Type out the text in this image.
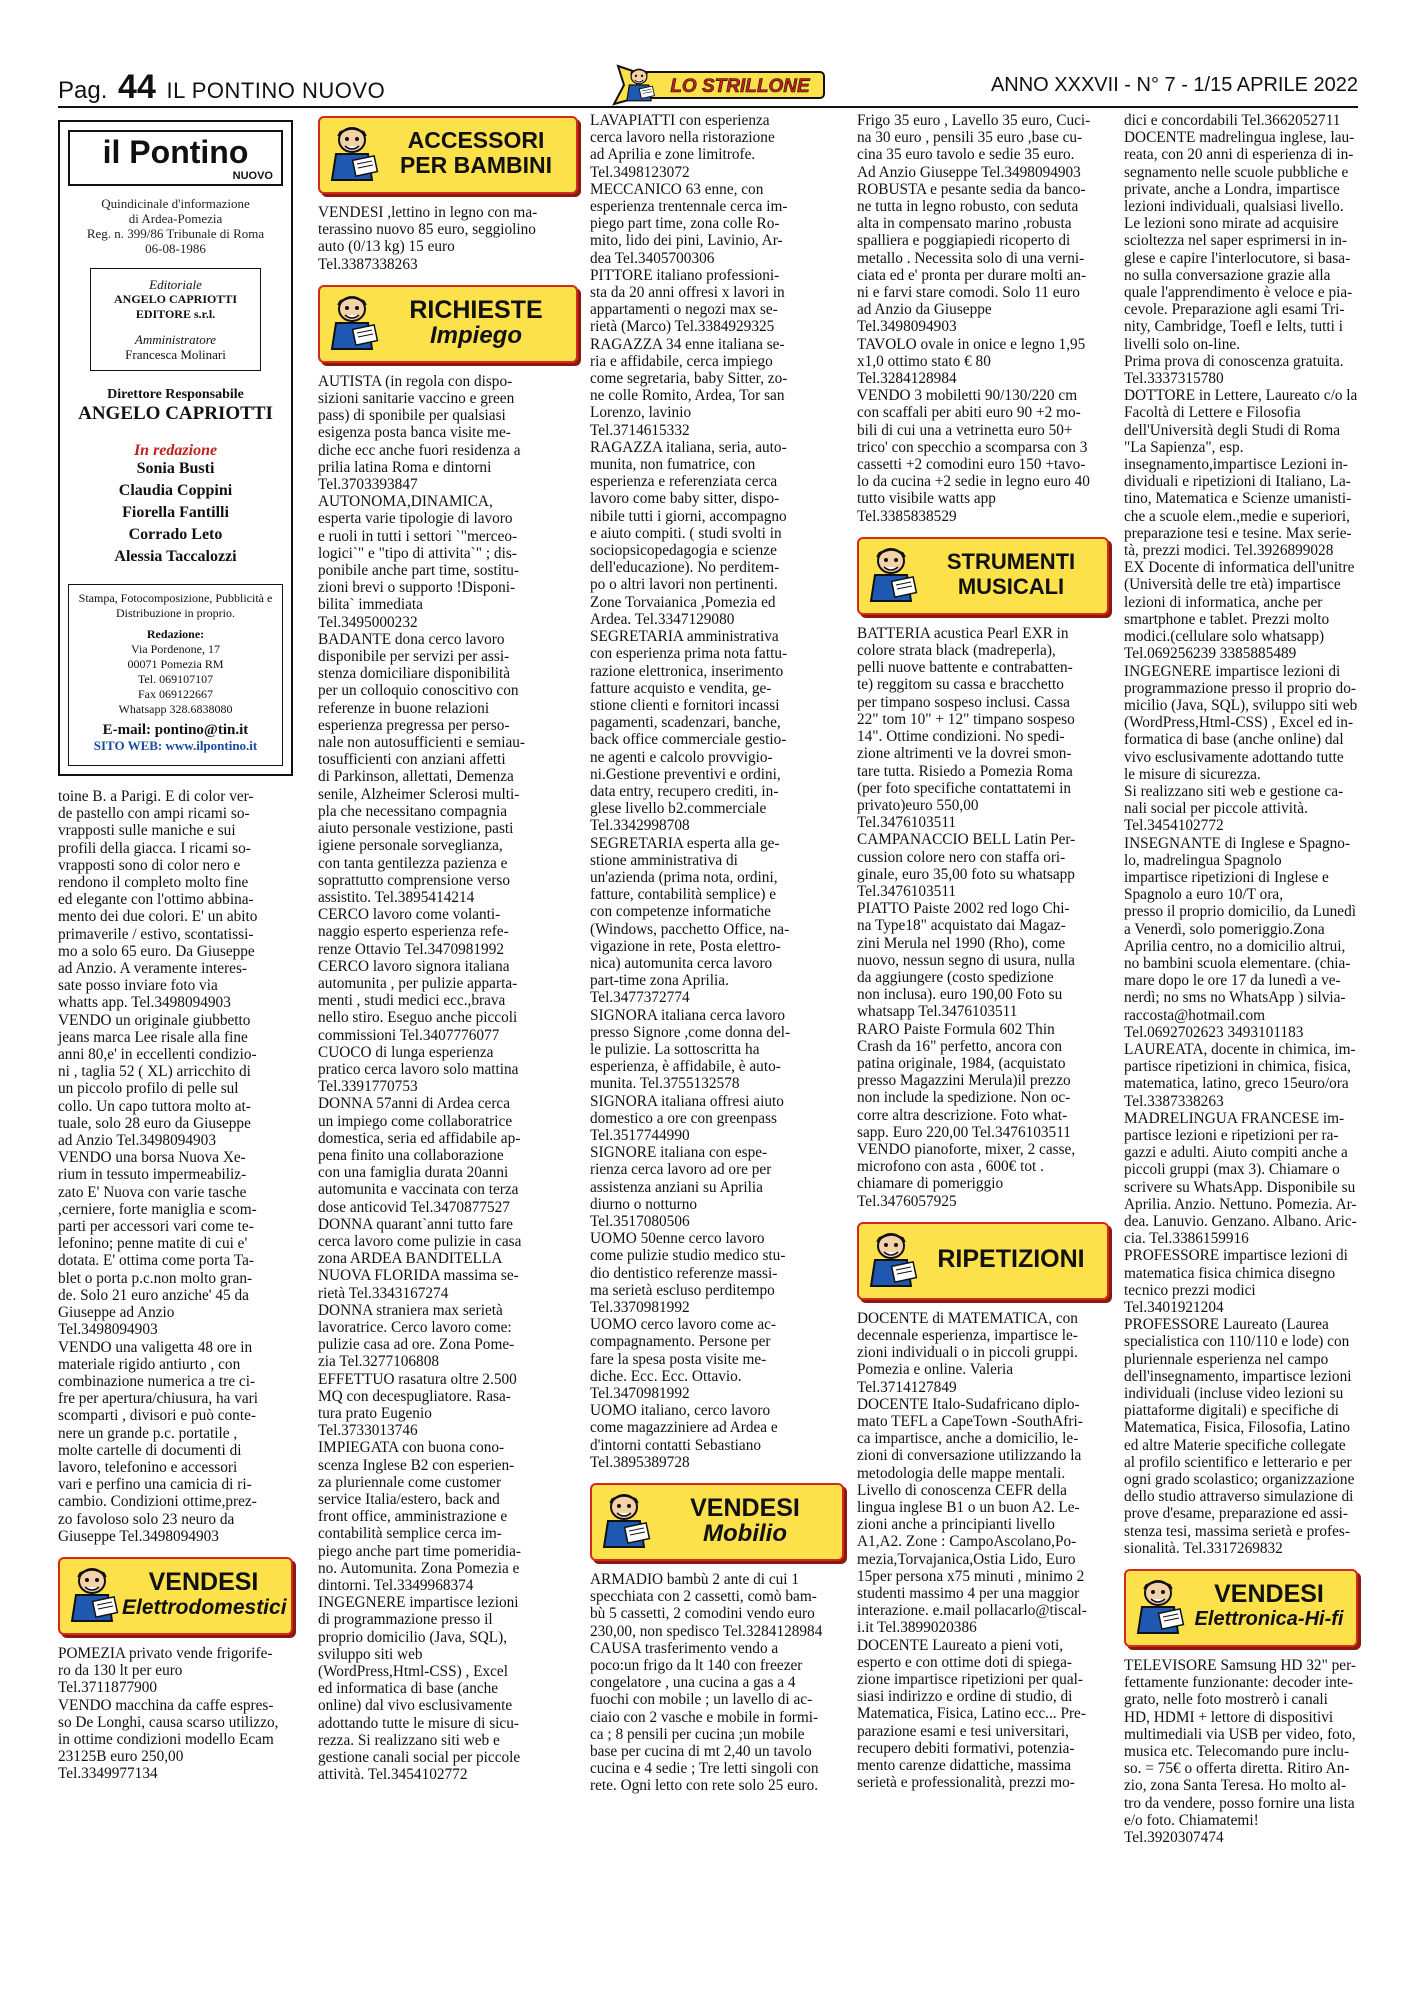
Pag. 44 IL PONTINO NUOVO	LO STRILLONE	ANNO XXXVII - N° 7 - 1/15 APRILE 2022
il Pontino
NUOVO
Quindicinale d'informazione
di Ardea-Pomezia
Reg. n. 399/86 Tribunale di Roma
06-08-1986
Editoriale
ANGELO CAPRIOTTI EDITORE s.r.l.
Amministratore
Francesca Molinari
Direttore Responsabile
ANGELO CAPRIOTTI
In redazione
Sonia Busti
Claudia Coppini
Fiorella Fantilli
Corrado Leto
Alessia Taccalozzi
Stampa, Fotocomposizione, Pubblicità e Distribuzione in proprio.
Redazione:
Via Pordenone, 17
00071 Pomezia RM
Tel. 069107107
Fax 069122667
Whatsapp 328.6838080
E-mail: pontino@tin.it
SITO WEB: www.ilpontino.it

toine B. a Parigi. E di color ver-
de pastello con ampi ricami so-
vrapposti sulle maniche e sui
profili della giacca. I ricami so-
vrapposti sono di color nero e
rendono il completo molto fine
ed elegante con l'ottimo abbina-
mento dei due colori. E' un abito
primaverile / estivo, scontatissi-
mo a solo 65 euro. Da Giuseppe
ad Anzio. A veramente interes-
sate posso inviare foto via
whatts app. Tel.3498094903
VENDO un originale giubbetto
jeans marca Lee risale alla fine
anni 80,e' in eccellenti condizio-
ni , taglia 52 ( XL) arricchito di
un piccolo profilo di pelle sul
collo. Un capo tuttora molto at-
tuale, solo 28 euro da Giuseppe
ad Anzio Tel.3498094903
VENDO una borsa Nuova Xe-
rium in tessuto impermeabiliz-
zato E' Nuova con varie tasche
,cerniere, forte maniglia e scom-
parti per accessori vari come te-
lefonino; penne matite di cui e'
dotata. E' ottima come porta Ta-
blet o porta p.c.non molto gran-
de. Solo 21 euro anziche' 45 da
Giuseppe ad Anzio
Tel.3498094903
VENDO una valigetta 48 ore in
materiale rigido antiurto , con
combinazione numerica a tre ci-
fre per apertura/chiusura, ha vari
scomparti , divisori e può conte-
nere un grande p.c. portatile ,
molte cartelle di documenti di
lavoro, telefonino e accessori
vari e perfino una camicia di ri-
cambio. Condizioni ottime,prez-
zo favoloso solo 23 neuro da
Giuseppe Tel.3498094903

VENDESI
Elettrodomestici

POMEZIA privato vende frigorife-
ro da 130 lt per euro
Tel.3711877900
VENDO macchina da caffe espres-
so De Longhi, causa scarso utilizzo,
in ottime condizioni modello Ecam
23125B euro 250,00
Tel.3349977134

ACCESSORI
PER BAMBINI

VENDESI ,lettino in legno con ma-
terassino nuovo 85 euro, seggiolino
auto (0/13 kg) 15 euro
Tel.3387338263

RICHIESTE
Impiego

AUTISTA (in regola con dispo-
sizioni sanitarie vaccino e green
pass) di sponibile per qualsiasi
esigenza posta banca visite me-
diche ecc anche fuori residenza a
prilia latina Roma e dintorni
Tel.3703393847
AUTONOMA,DINAMICA,
esperta varie tipologie di lavoro
e ruoli in tutti i settori `"merceo-
logici`" e "tipo di attivita`" ; dis-
ponibile anche part time, sostitu-
zioni brevi o supporto !Disponi-
bilita` immediata
Tel.3495000232
BADANTE dona cerco lavoro
disponibile per servizi per assi-
stenza domiciliare disponibilità
per un colloquio conoscitivo con
referenze in buone relazioni
esperienza pregressa per perso-
nale non autosufficienti e semiau-
tosufficienti con anziani affetti
di Parkinson, allettati, Demenza
senile, Alzheimer Sclerosi multi-
pla che necessitano compagnia
aiuto personale vestizione, pasti
igiene personale sorveglianza,
con tanta gentilezza pazienza e
soprattutto comprensione verso
assistito. Tel.3895414214
CERCO lavoro come volanti-
naggio esperto esperienza refe-
renze Ottavio Tel.3470981992
CERCO lavoro signora italiana
automunita , per pulizie apparta-
menti , studi medici ecc.,brava
nello stiro. Eseguo anche piccoli
commissioni Tel.3407776077
CUOCO di lunga esperienza
pratico cerca lavoro solo mattina
Tel.3391770753
DONNA 57anni di Ardea cerca
un impiego come collaboratrice
domestica, seria ed affidabile ap-
pena finito una collaborazione
con una famiglia durata 20anni
automunita e vaccinata con terza
dose anticovid Tel.3470877527
DONNA quarant`anni tutto fare
cerca lavoro come pulizie in casa
zona ARDEA BANDITELLA
NUOVA FLORIDA massima se-
rietà Tel.3343167274
DONNA straniera max serietà
lavoratrice. Cerco lavoro come:
pulizie casa ad ore. Zona Pome-
zia Tel.3277106808
EFFETTUO rasatura oltre 2.500
MQ con decespugliatore. Rasa-
tura prato Eugenio
Tel.3733013746
IMPIEGATA con buona cono-
scenza Inglese B2 con esperien-
za pluriennale come customer
service Italia/estero, back and
front office, amministrazione e
contabilità semplice cerca im-
piego anche part time pomeridia-
no. Automunita. Zona Pomezia e
dintorni. Tel.3349968374
INGEGNERE impartisce lezioni
di programmazione presso il
proprio domicilio (Java, SQL),
sviluppo siti web
(WordPress,Html-CSS) , Excel
ed informatica di base (anche
online) dal vivo esclusivamente
adottando tutte le misure di sicu-
rezza. Si realizzano siti web e
gestione canali social per piccole
attività. Tel.3454102772

LAVAPIATTI con esperienza
cerca lavoro nella ristorazione
ad Aprilia e zone limitrofe.
Tel.3498123072
MECCANICO 63 enne, con
esperienza trentennale cerca im-
piego part time, zona colle Ro-
mito, lido dei pini, Lavinio, Ar-
dea Tel.3405700306
PITTORE italiano professioni-
sta da 20 anni offresi x lavori in
appartamenti o negozi max se-
rietà (Marco) Tel.3384929325
RAGAZZA 34 enne italiana se-
ria e affidabile, cerca impiego
come segretaria, baby Sitter, zo-
ne colle Romito, Ardea, Tor san
Lorenzo, lavinio
Tel.3714615332
RAGAZZA italiana, seria, auto-
munita, non fumatrice, con
esperienza e referenziata cerca
lavoro come baby sitter, dispo-
nibile tutti i giorni, accompagno
e aiuto compiti. ( studi svolti in
sociopsicopedagogia e scienze
dell'educazione). No perditem-
po o altri lavori non pertinenti.
Zone Torvaianica ,Pomezia ed
Ardea. Tel.3347129080
SEGRETARIA amministrativa
con esperienza prima nota fattu-
razione elettronica, inserimento
fatture acquisto e vendita, ge-
stione clienti e fornitori incassi
pagamenti, scadenzari, banche,
back office commerciale gestio-
ne agenti e calcolo provvigio-
ni.Gestione preventivi e ordini,
data entry, recupero crediti, in-
glese livello b2.commerciale
Tel.3342998708
SEGRETARIA esperta alla ge-
stione amministrativa di
un'azienda (prima nota, ordini,
fatture, contabilità semplice) e
con competenze informatiche
(Windows, pacchetto Office, na-
vigazione in rete, Posta elettro-
nica) automunita cerca lavoro
part-time zona Aprilia.
Tel.3477372774
SIGNORA italiana cerca lavoro
presso Signore ,come donna del-
le pulizie. La sottoscritta ha
esperienza, è affidabile, è auto-
munita. Tel.3755132578
SIGNORA italiana offresi aiuto
domestico a ore con greenpass
Tel.3517744990
SIGNORE italiana con espe-
rienza cerca lavoro ad ore per
assistenza anziani su Aprilia
diurno o notturno
Tel.3517080506
UOMO 50enne cerco lavoro
come pulizie studio medico stu-
dio dentistico referenze massi-
ma serietà escluso perditempo
Tel.3370981992
UOMO cerco lavoro come ac-
compagnamento. Persone per
fare la spesa posta visite me-
diche. Ecc. Ecc. Ottavio.
Tel.3470981992
UOMO italiano, cerco lavoro
come magazziniere ad Ardea e
d'intorni contatti Sebastiano
Tel.3895389728

VENDESI
Mobilio

ARMADIO bambù 2 ante di cui 1
specchiata con 2 cassetti, comò bam-
bù 5 cassetti, 2 comodini vendo euro
230,00, non spedisco Tel.3284128984
CAUSA trasferimento vendo a
poco:un frigo da lt 140 con freezer
congelatore , una cucina a gas a 4
fuochi con mobile ; un lavello di ac-
ciaio con 2 vasche e mobile in formi-
ca ; 8 pensili per cucina ;un mobile
base per cucina di mt 2,40 un tavolo
cucina e 4 sedie ; Tre letti singoli con
rete. Ogni letto con rete solo 25 euro.

Frigo 35 euro , Lavello 35 euro, Cuci-
na 30 euro , pensili 35 euro ,base cu-
cina 35 euro tavolo e sedie 35 euro.
Ad Anzio Giuseppe Tel.3498094903
ROBUSTA e pesante sedia da banco-
ne tutta in legno robusto, con seduta
alta in compensato marino ,robusta
spalliera e poggiapiedi ricoperto di
metallo . Necessita solo di una verni-
ciata ed e' pronta per durare molti an-
ni e farvi stare comodi. Solo 11 euro
ad Anzio da Giuseppe
Tel.3498094903
TAVOLO ovale in onice e legno 1,95
x1,0 ottimo stato € 80
Tel.3284128984
VENDO 3 mobiletti 90/130/220 cm
con scaffali per abiti euro 90 +2 mo-
bili di cui una a vetrinetta euro 50+
trico' con specchio a scomparsa con 3
cassetti +2 comodini euro 150 +tavo-
lo da cucina +2 sedie in legno euro 40
tutto visibile watts app
Tel.3385838529

STRUMENTI
MUSICALI

BATTERIA acustica Pearl EXR in
colore strata black (madreperla),
pelli nuove battente e contrabatten-
te) reggitom su cassa e bracchetto
per timpano sospeso inclusi. Cassa
22" tom 10" + 12" timpano sospeso
14". Ottime condizioni. No spedi-
zione altrimenti ve la dovrei smon-
tare tutta. Risiedo a Pomezia Roma
(per foto specifiche contattatemi in
privato)euro 550,00
Tel.3476103511
CAMPANACCIO BELL Latin Per-
cussion colore nero con staffa ori-
ginale, euro 35,00 foto su whatsapp
Tel.3476103511
PIATTO Paiste 2002 red logo Chi-
na Type18" acquistato dai Magaz-
zini Merula nel 1990 (Rho), come
nuovo, nessun segno di usura, nulla
da aggiungere (costo spedizione
non inclusa). euro 190,00 Foto su
whatsapp Tel.3476103511
RARO Paiste Formula 602 Thin
Crash da 16" perfetto, ancora con
patina originale, 1984, (acquistato
presso Magazzini Merula)il prezzo
non include la spedizione. Non oc-
corre altra descrizione. Foto what-
sapp. Euro 220,00 Tel.3476103511
VENDO pianoforte, mixer, 2 casse,
microfono con asta , 600€ tot .
chiamare di pomeriggio
Tel.3476057925

RIPETIZIONI

DOCENTE di MATEMATICA, con
decennale esperienza, impartisce le-
zioni individuali o in piccoli gruppi.
Pomezia e online. Valeria
Tel.3714127849
DOCENTE Italo-Sudafricano diplo-
mato TEFL a CapeTown -SouthAfri-
ca impartisce, anche a domicilio, le-
zioni di conversazione utilizzando la
metodologia delle mappe mentali.
Livello di conoscenza CEFR della
lingua inglese B1 o un buon A2. Le-
zioni anche a principianti livello
A1,A2. Zone : CampoAscolano,Po-
mezia,Torvajanica,Ostia Lido, Euro
15per persona x75 minuti , minimo 2
studenti massimo 4 per una maggior
interazione. e.mail pollacarlo@tiscal-
i.it Tel.3899020386
DOCENTE Laureato a pieni voti,
esperto e con ottime doti di spiega-
zione impartisce ripetizioni per qual-
siasi indirizzo e ordine di studio, di
Matematica, Fisica, Latino ecc... Pre-
parazione esami e tesi universitari,
recupero debiti formativi, potenzia-
mento carenze didattiche, massima
serietà e professionalità, prezzi mo-

dici e concordabili Tel.3662052711
DOCENTE madrelingua inglese, lau-
reata, con 20 anni di esperienza di in-
segnamento nelle scuole pubbliche e
private, anche a Londra, impartisce
lezioni individuali, qualsiasi livello.
Le lezioni sono mirate ad acquisire
scioltezza nel saper esprimersi in in-
glese e capire l'interlocutore, si basa-
no sulla conversazione grazie alla
quale l'apprendimento è veloce e pia-
cevole. Preparazione agli esami Tri-
nity, Cambridge, Toefl e Ielts, tutti i
livelli solo on-line.
Prima prova di conoscenza gratuita.
Tel.3337315780
DOTTORE in Lettere, Laureato c/o la
Facoltà di Lettere e Filosofia
dell'Università degli Studi di Roma
"La Sapienza", esp.
insegnamento,impartisce Lezioni in-
dividuali e ripetizioni di Italiano, La-
tino, Matematica e Scienze umanisti-
che a scuole elem.,medie e superiori,
preparazione tesi e tesine. Max serie-
tà, prezzi modici. Tel.3926899028
EX Docente di informatica dell'unitre
(Università delle tre età) impartisce
lezioni di informatica, anche per
smartphone e tablet. Prezzi molto
modici.(cellulare solo whatsapp)
Tel.069256239 3385885489
INGEGNERE impartisce lezioni di
programmazione presso il proprio do-
micilio (Java, SQL), sviluppo siti web
(WordPress,Html-CSS) , Excel ed in-
formatica di base (anche online) dal
vivo esclusivamente adottando tutte
le misure di sicurezza.
Si realizzano siti web e gestione ca-
nali social per piccole attività.
Tel.3454102772
INSEGNANTE di Inglese e Spagno-
lo, madrelingua Spagnolo
impartisce ripetizioni di Inglese e
Spagnolo a euro 10/T ora,
presso il proprio domicilio, da Lunedì
a Venerdì, solo pomeriggio.Zona
Aprilia centro, no a domicilio altrui,
no bambini scuola elementare. (chia-
mare dopo le ore 17 da lunedì a ve-
nerdì; no sms no WhatsApp ) silvia-
raccosta@hotmail.com
Tel.0692702623 3493101183
LAUREATA, docente in chimica, im-
partisce ripetizioni in chimica, fisica,
matematica, latino, greco 15euro/ora
Tel.3387338263
MADRELINGUA FRANCESE im-
partisce lezioni e ripetizioni per ra-
gazzi e adulti. Aiuto compiti anche a
piccoli gruppi (max 3). Chiamare o
scrivere su WhatsApp. Disponibile su
Aprilia. Anzio. Nettuno. Pomezia. Ar-
dea. Lanuvio. Genzano. Albano. Aric-
cia. Tel.3386159916
PROFESSORE impartisce lezioni di
matematica fisica chimica disegno
tecnico prezzi modici
Tel.3401921204
PROFESSORE Laureato (Laurea
specialistica con 110/110 e lode) con
pluriennale esperienza nel campo
dell'insegnamento, impartisce lezioni
individuali (incluse video lezioni su
piattaforme digitali) e specifiche di
Matematica, Fisica, Filosofia, Latino
ed altre Materie specifiche collegate
al profilo scientifico e letterario e per
ogni grado scolastico; organizzazione
dello studio attraverso simulazione di
prove d'esame, preparazione ed assi-
stenza tesi, massima serietà e profes-
sionalità. Tel.3317269832

VENDESI
Elettronica-Hi-fi

TELEVISORE Samsung HD 32" per-
fettamente funzionante: decoder inte-
grato, nelle foto mostrerò i canali
HD, HDMI + lettore di dispositivi
multimediali via USB per video, foto,
musica etc. Telecomando pure inclu-
so. = 75€ o offerta diretta. Ritiro An-
zio, zona Santa Teresa. Ho molto al-
tro da vendere, posso fornire una lista
e/o foto. Chiamatemi!
Tel.3920307474
